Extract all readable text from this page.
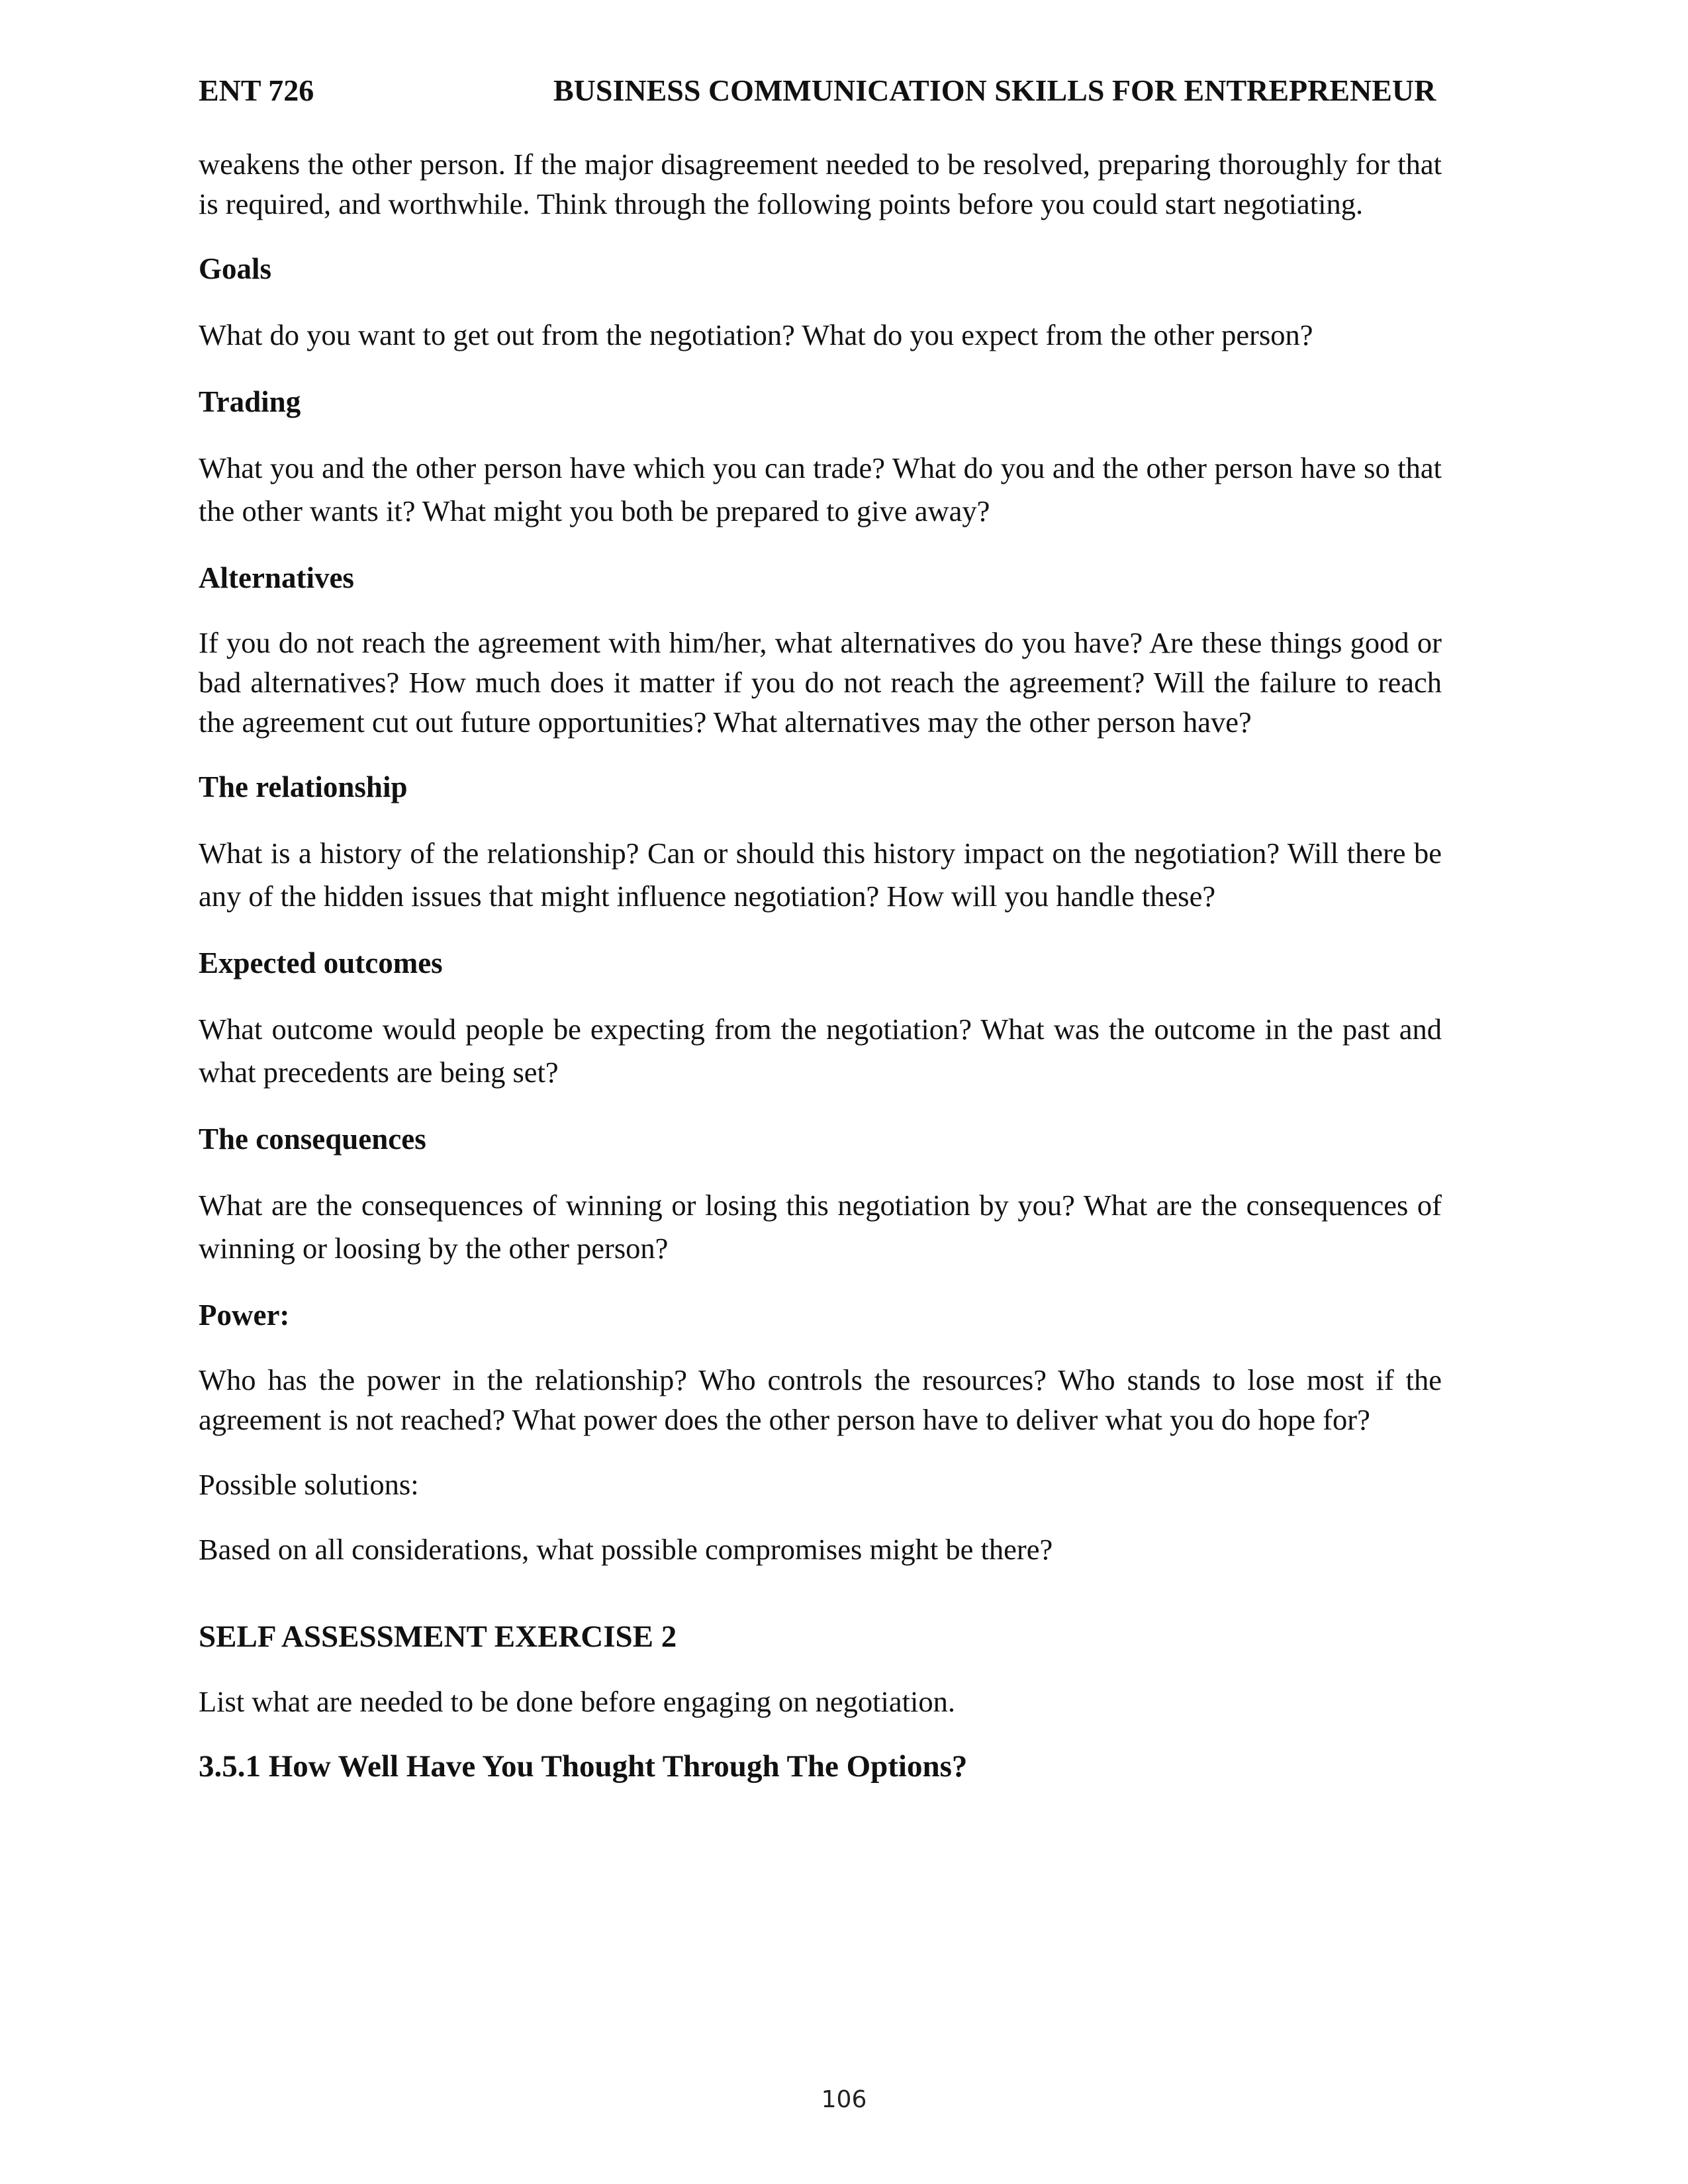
ENT 726	BUSINESS COMMUNICATION SKILLS FOR ENTREPRENEUR

weakens the other person. If the major disagreement needed to be resolved, preparing thoroughly for that is required, and worthwhile. Think through the following points before you could start negotiating.

Goals

What do you want to get out from the negotiation? What do you expect from the other person?

Trading

What you and the other person have which you can trade? What do you and the other person have so that the other wants it? What might you both be prepared to give away?

Alternatives

If you do not reach the agreement with him/her, what alternatives do you have? Are these things good or bad alternatives? How much does it matter if you do not reach the agreement? Will the failure to reach the agreement cut out future opportunities? What alternatives may the other person have?

The relationship

What is a history of the relationship? Can or should this history impact on the negotiation? Will there be any of the hidden issues that might influence negotiation? How will you handle these?

Expected outcomes

What outcome would people be expecting from the negotiation? What was the outcome in the past and what precedents are being set?

The consequences

What are the consequences of winning or losing this negotiation by you? What are the consequences of winning or loosing by the other person?

Power:

Who has the power in the relationship? Who controls the resources? Who stands to lose most if the agreement is not reached? What power does the other person have to deliver what you do hope for?

Possible solutions:

Based on all considerations, what possible compromises might be there?

SELF ASSESSMENT EXERCISE 2

List what are needed to be done before engaging on negotiation.

3.5.1 How Well Have You Thought Through The Options?
106
